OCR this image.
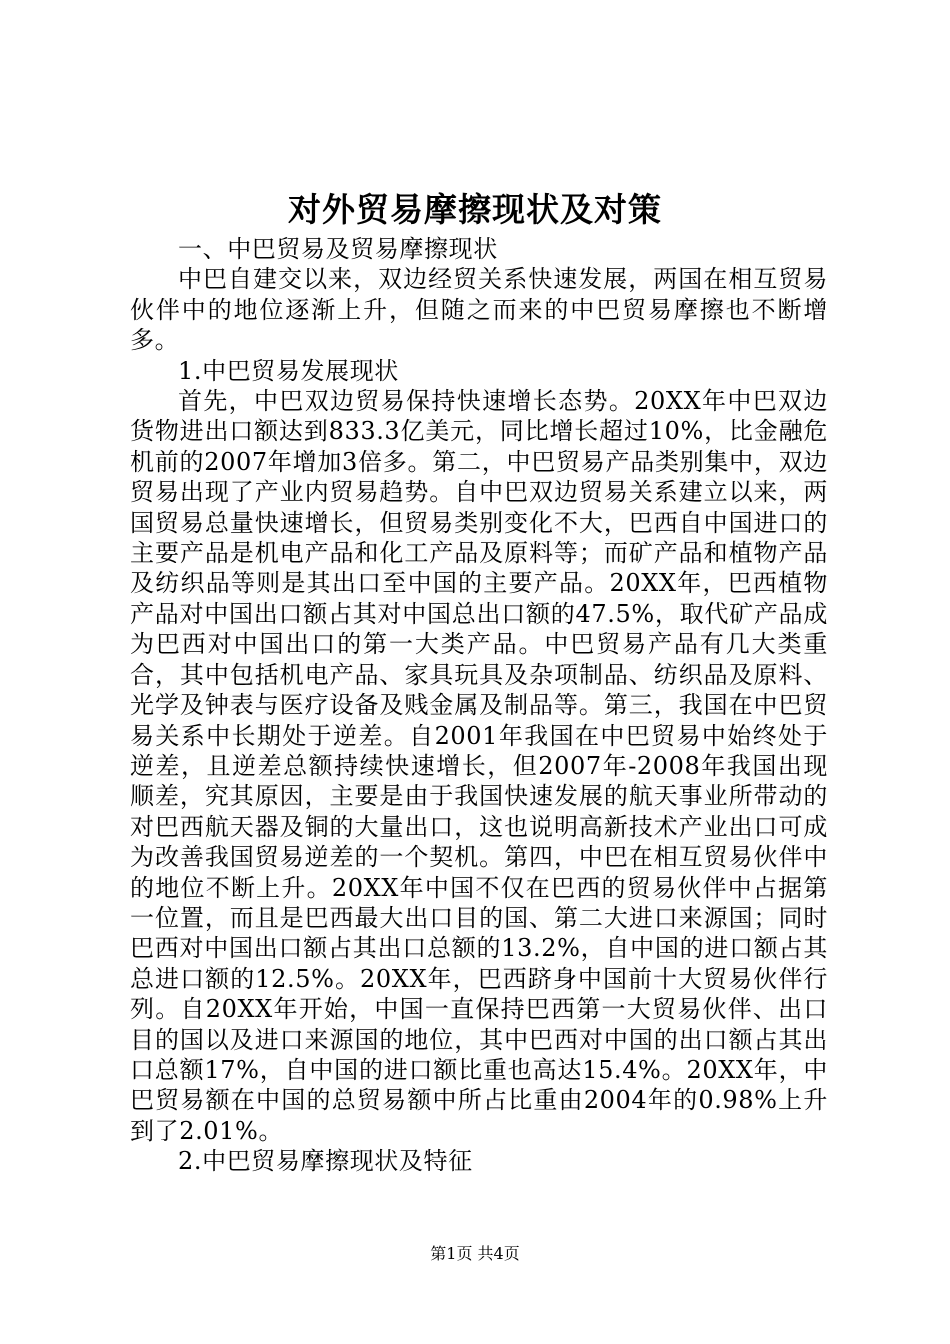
对外贸易摩擦现状及对策

一、中巴贸易及贸易摩擦现状

中巴自建交以来，双边经贸关系快速发展，两国在相互贸易伙伴中的地位逐渐上升，但随之而来的中巴贸易摩擦也不断增多。

1.中巴贸易发展现状

首先，中巴双边贸易保持快速增长态势。20XX年中巴双边货物进出口额达到833.3亿美元，同比增长超过10%，比金融危机前的2007年增加3倍多。第二，中巴贸易产品类别集中，双边贸易出现了产业内贸易趋势。自中巴双边贸易关系建立以来，两国贸易总量快速增长，但贸易类别变化不大，巴西自中国进口的主要产品是机电产品和化工产品及原料等；而矿产品和植物产品及纺织品等则是其出口至中国的主要产品。20XX年，巴西植物产品对中国出口额占其对中国总出口额的47.5%，取代矿产品成为巴西对中国出口的第一大类产品。中巴贸易产品有几大类重合，其中包括机电产品、家具玩具及杂项制品、纺织品及原料、光学及钟表与医疗设备及贱金属及制品等。第三，我国在中巴贸易关系中长期处于逆差。自2001年我国在中巴贸易中始终处于逆差，且逆差总额持续快速增长，但2007年-2008年我国出现顺差，究其原因，主要是由于我国快速发展的航天事业所带动的对巴西航天器及铜的大量出口，这也说明高新技术产业出口可成为改善我国贸易逆差的一个契机。第四，中巴在相互贸易伙伴中的地位不断上升。20XX年中国不仅在巴西的贸易伙伴中占据第一位置，而且是巴西最大出口目的国、第二大进口来源国；同时巴西对中国出口额占其出口总额的13.2%，自中国的进口额占其总进口额的12.5%。20XX年，巴西跻身中国前十大贸易伙伴行列。自20XX年开始，中国一直保持巴西第一大贸易伙伴、出口目的国以及进口来源国的地位，其中巴西对中国的出口额占其出口总额17%，自中国的进口额比重也高达15.4%。20XX年，中巴贸易额在中国的总贸易额中所占比重由2004年的0.98%上升到了2.01%。

2.中巴贸易摩擦现状及特征

第1页 共4页
